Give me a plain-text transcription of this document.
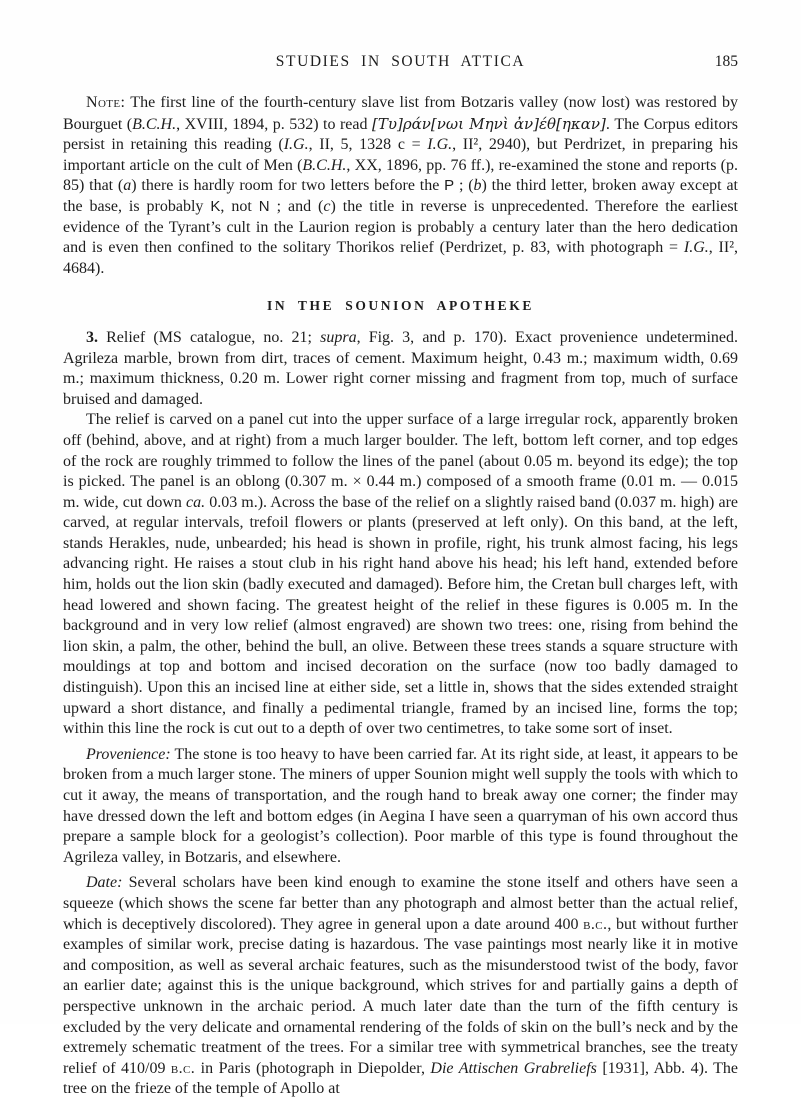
STUDIES IN SOUTH ATTICA	185

Note: The first line of the fourth-century slave list from Botzaris valley (now lost) was restored by Bourguet (B.C.H., XVIII, 1894, p. 532) to read [Τυ]ράν[νωι Μηνὶ ἀν]έθ[ηκαν]. The Corpus editors persist in retaining this reading (I.G., II, 5, 1328 c = I.G., II², 2940), but Perdrizet, in preparing his important article on the cult of Men (B.C.H., XX, 1896, pp. 76 ff.), re-examined the stone and reports (p. 85) that (a) there is hardly room for two letters before the P ; (b) the third letter, broken away except at the base, is probably K, not N ; and (c) the title in reverse is unprecedented. Therefore the earliest evidence of the Tyrant’s cult in the Laurion region is probably a century later than the hero dedication and is even then confined to the solitary Thorikos relief (Perdrizet, p. 83, with photograph = I.G., II², 4684).

IN THE SOUNION APOTHEKE

3. Relief (MS catalogue, no. 21; supra, Fig. 3, and p. 170). Exact provenience undetermined. Agrileza marble, brown from dirt, traces of cement. Maximum height, 0.43 m.; maximum width, 0.69 m.; maximum thickness, 0.20 m. Lower right corner missing and fragment from top, much of surface bruised and damaged.

The relief is carved on a panel cut into the upper surface of a large irregular rock, apparently broken off (behind, above, and at right) from a much larger boulder. The left, bottom left corner, and top edges of the rock are roughly trimmed to follow the lines of the panel (about 0.05 m. beyond its edge); the top is picked. The panel is an oblong (0.307 m. × 0.44 m.) composed of a smooth frame (0.01 m. — 0.015 m. wide, cut down ca. 0.03 m.). Across the base of the relief on a slightly raised band (0.037 m. high) are carved, at regular intervals, trefoil flowers or plants (preserved at left only). On this band, at the left, stands Herakles, nude, unbearded; his head is shown in profile, right, his trunk almost facing, his legs advancing right. He raises a stout club in his right hand above his head; his left hand, extended before him, holds out the lion skin (badly executed and damaged). Before him, the Cretan bull charges left, with head lowered and shown facing. The greatest height of the relief in these figures is 0.005 m. In the background and in very low relief (almost engraved) are shown two trees: one, rising from behind the lion skin, a palm, the other, behind the bull, an olive. Between these trees stands a square structure with mouldings at top and bottom and incised decoration on the surface (now too badly damaged to distinguish). Upon this an incised line at either side, set a little in, shows that the sides extended straight upward a short distance, and finally a pedimental triangle, framed by an incised line, forms the top; within this line the rock is cut out to a depth of over two centimetres, to take some sort of inset.

Provenience: The stone is too heavy to have been carried far. At its right side, at least, it appears to be broken from a much larger stone. The miners of upper Sounion might well supply the tools with which to cut it away, the means of transportation, and the rough hand to break away one corner; the finder may have dressed down the left and bottom edges (in Aegina I have seen a quarryman of his own accord thus prepare a sample block for a geologist’s collection). Poor marble of this type is found throughout the Agrileza valley, in Botzaris, and elsewhere.

Date: Several scholars have been kind enough to examine the stone itself and others have seen a squeeze (which shows the scene far better than any photograph and almost better than the actual relief, which is deceptively discolored). They agree in general upon a date around 400 b.c., but without further examples of similar work, precise dating is hazardous. The vase paintings most nearly like it in motive and composition, as well as several archaic features, such as the misunderstood twist of the body, favor an earlier date; against this is the unique background, which strives for and partially gains a depth of perspective unknown in the archaic period. A much later date than the turn of the fifth century is excluded by the very delicate and ornamental rendering of the folds of skin on the bull’s neck and by the extremely schematic treatment of the trees. For a similar tree with symmetrical branches, see the treaty relief of 410/09 b.c. in Paris (photograph in Diepolder, Die Attischen Grabreliefs [1931], Abb. 4). The tree on the frieze of the temple of Apollo at
